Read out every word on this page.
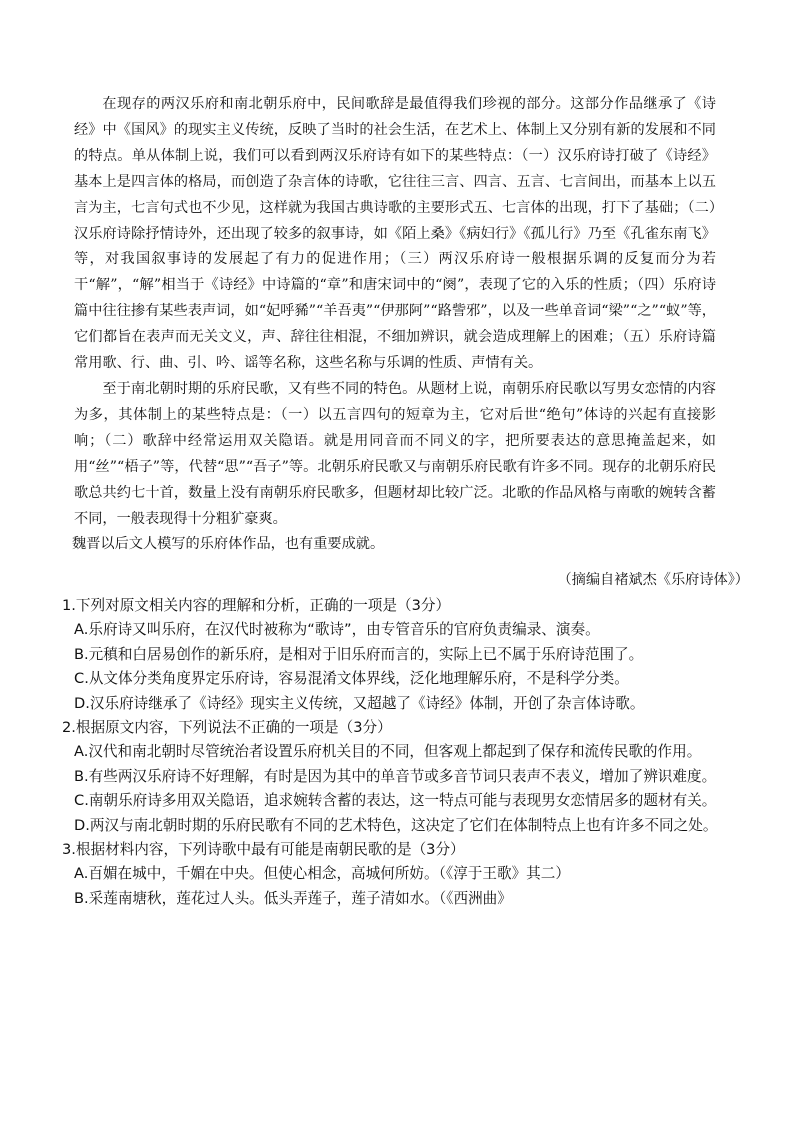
在现存的两汉乐府和南北朝乐府中，民间歌辞是最值得我们珍视的部分。这部分作品继承了《诗经》中《国风》的现实主义传统，反映了当时的社会生活，在艺术上、体制上又分别有新的发展和不同的特点。单从体制上说，我们可以看到两汉乐府诗有如下的某些特点：（一）汉乐府诗打破了《诗经》基本上是四言体的格局，而创造了杂言体的诗歌，它往往三言、四言、五言、七言间出，而基本上以五言为主，七言句式也不少见，这样就为我国古典诗歌的主要形式五、七言体的出现，打下了基础；（二）汉乐府诗除抒情诗外，还出现了较多的叙事诗，如《陌上桑》《病妇行》《孤儿行》乃至《孔雀东南飞》等，对我国叙事诗的发展起了有力的促进作用；（三）两汉乐府诗一般根据乐调的反复而分为若干“解”，“解”相当于《诗经》中诗篇的“章”和唐宋词中的“阕”，表现了它的入乐的性质；（四）乐府诗篇中往往掺有某些表声词，如“妃呼豨”“羊吾夷”“伊那阿”“路訾邪”，以及一些单音词“梁”“之”“蚁”等，它们都旨在表声而无关文义，声、辞往往相混，不细加辨识，就会造成理解上的困难；（五）乐府诗篇常用歌、行、曲、引、吟、谣等名称，这些名称与乐调的性质、声情有关。

至于南北朝时期的乐府民歌，又有些不同的特色。从题材上说，南朝乐府民歌以写男女恋情的内容为多，其体制上的某些特点是：（一）以五言四句的短章为主，它对后世“绝句”体诗的兴起有直接影响；（二）歌辞中经常运用双关隐语。就是用同音而不同义的字，把所要表达的意思掩盖起来，如用“丝”“梧子”等，代替“思”“吾子”等。北朝乐府民歌又与南朝乐府民歌有许多不同。现存的北朝乐府民歌总共约七十首，数量上没有南朝乐府民歌多，但题材却比较广泛。北歌的作品风格与南歌的婉转含蓄不同，一般表现得十分粗犷豪爽。

魏晋以后文人模写的乐府体作品，也有重要成就。

（摘编自褚斌杰《乐府诗体》）

1.下列对原文相关内容的理解和分析，正确的一项是（3分）

A.乐府诗又叫乐府，在汉代时被称为“歌诗”，由专管音乐的官府负责编录、演奏。

B.元稹和白居易创作的新乐府，是相对于旧乐府而言的，实际上已不属于乐府诗范围了。

C.从文体分类角度界定乐府诗，容易混淆文体界线，泛化地理解乐府，不是科学分类。

D.汉乐府诗继承了《诗经》现实主义传统，又超越了《诗经》体制，开创了杂言体诗歌。

2.根据原文内容，下列说法不正确的一项是（3分）

A.汉代和南北朝时尽管统治者设置乐府机关目的不同，但客观上都起到了保存和流传民歌的作用。

B.有些两汉乐府诗不好理解，有时是因为其中的单音节或多音节词只表声不表义，增加了辨识难度。

C.南朝乐府诗多用双关隐语，追求婉转含蓄的表达，这一特点可能与表现男女恋情居多的题材有关。

D.两汉与南北朝时期的乐府民歌有不同的艺术特色，这决定了它们在体制特点上也有许多不同之处。

3.根据材料内容，下列诗歌中最有可能是南朝民歌的是（3分）

A.百媚在城中，千媚在中央。但使心相念，高城何所妨。（《淳于王歌》其二）

B.采莲南塘秋，莲花过人头。低头弄莲子，莲子清如水。（《西洲曲》
